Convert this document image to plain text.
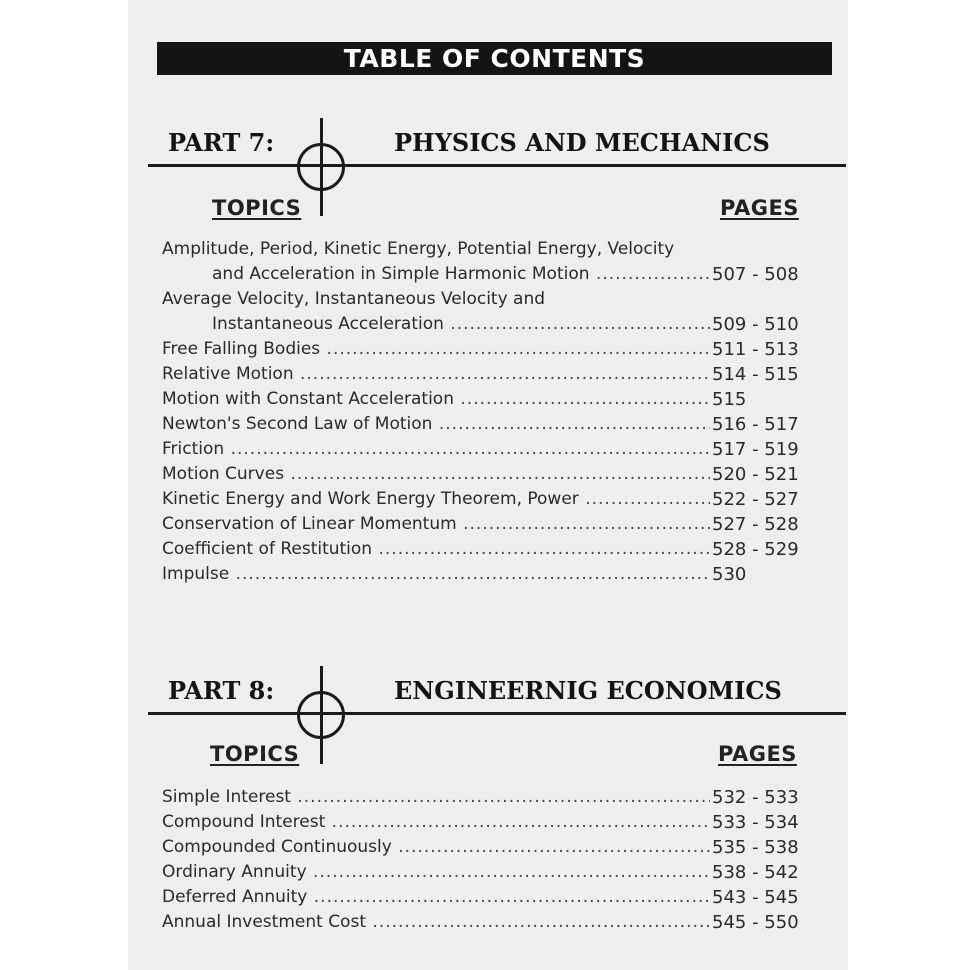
TABLE OF CONTENTS
PART 7:	PHYSICS AND MECHANICS
TOPICS	PAGES
Amplitude, Period, Kinetic Energy, Potential Energy, Velocity
and Acceleration in Simple Harmonic Motion .....	507 - 508
Average Velocity, Instantaneous Velocity and
Instantaneous Acceleration .....	509 - 510
Free Falling Bodies .....	511 - 513
Relative Motion .....	514 - 515
Motion with Constant Acceleration .....	515
Newton's Second Law of Motion .....	516 - 517
Friction .....	517 - 519
Motion Curves .....	520 - 521
Kinetic Energy and Work Energy Theorem, Power .....	522 - 527
Conservation of Linear Momentum .....	527 - 528
Coefficient of Restitution .....	528 - 529
Impulse .....	530
PART 8:	ENGINEERNIG ECONOMICS
TOPICS	PAGES
Simple Interest .....	532 - 533
Compound Interest .....	533 - 534
Compounded Continuously .....	535 - 538
Ordinary Annuity .....	538 - 542
Deferred Annuity .....	543 - 545
Annual Investment Cost .....	545 - 550
